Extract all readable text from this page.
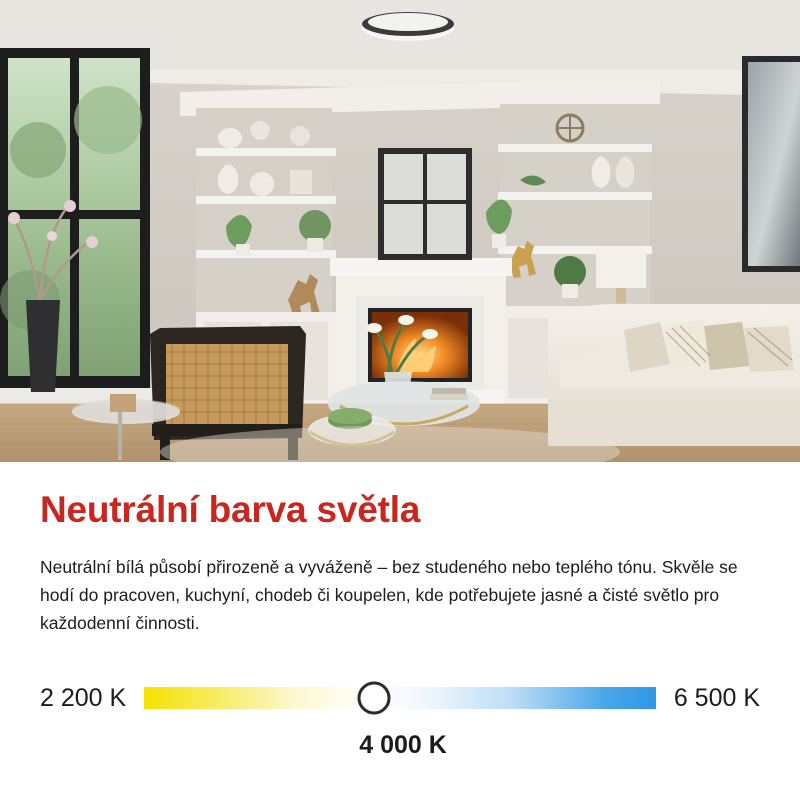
Neutrální barva světla

Neutrální bílá působí přirozeně a vyváženě – bez studeného nebo teplého tónu. Skvěle se hodí do pracoven, kuchyní, chodeb či koupelen, kde potřebujete jasné a čisté světlo pro každodenní činnosti.

2 200 K	6 500 K
4 000 K
